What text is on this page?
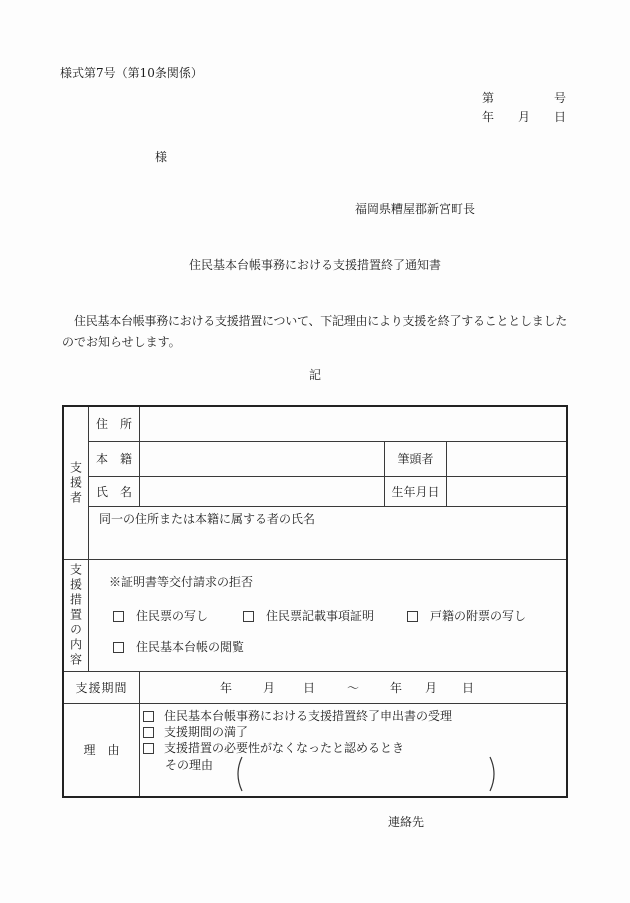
様式第7号（第10条関係）
第	号
年 月 日
様
福岡県糟屋郡新宮町長
住民基本台帳事務における支援措置終了通知書
住民基本台帳事務における支援措置について、下記理由により支援を終了することとしました
のでお知らせします。
記
支援者
住　所
本　籍	筆頭者
氏　名	生年月日
同一の住所または本籍に属する者の氏名
支援措置の内容 ※証明書等交付請求の拒否
住民票の写し	住民票記載事項証明	戸籍の附票の写し
住民基本台帳の閲覧
支援期間	年	月 日	～	年 月 日
理　由
住民基本台帳事務における支援措置終了申出書の受理
支援期間の満了
支援措置の必要性がなくなったと認めるとき
その理由
連絡先
